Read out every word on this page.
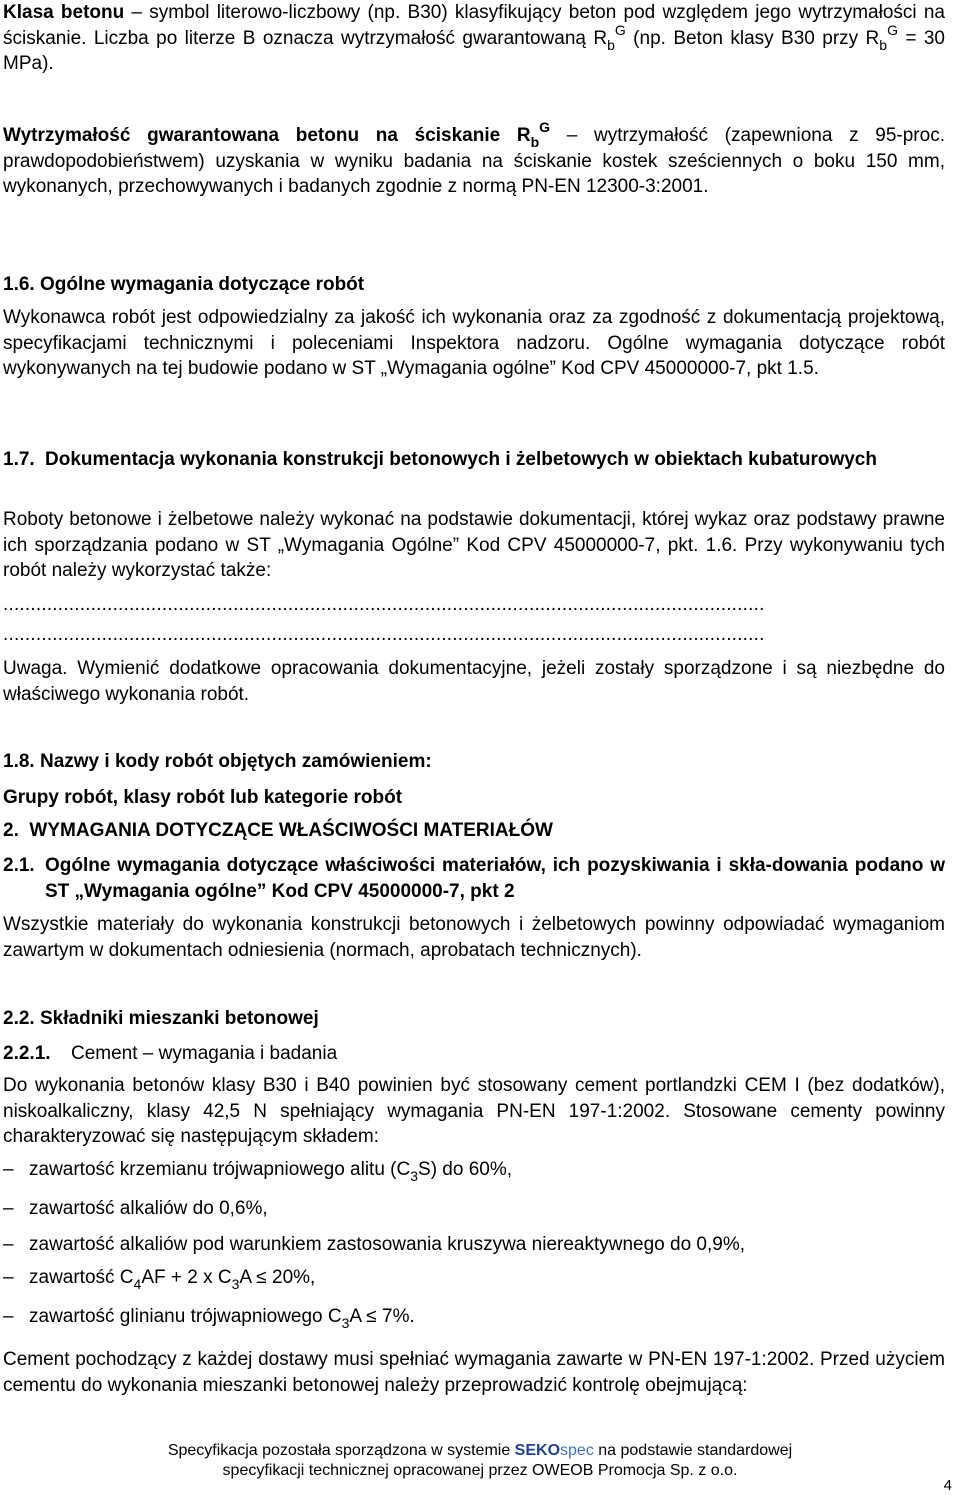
Klasa betonu – symbol literowo-liczbowy (np. B30) klasyfikujący beton pod względem jego wytrzymałości na ściskanie. Liczba po literze B oznacza wytrzymałość gwarantowaną $R_b^G$ (np. Beton klasy B30 przy $R_b^G = 30$ MPa).

Wytrzymałość gwarantowana betonu na ściskanie $R_b^G$ – wytrzymałość (zapewniona z 95-proc. prawdopodobieństwem) uzyskania w wyniku badania na ściskanie kostek sześciennych o boku 150 mm, wykonanych, przechowywanych i badanych zgodnie z normą PN-EN 12300-3:2001.

1.6. Ogólne wymagania dotyczące robót

Wykonawca robót jest odpowiedzialny za jakość ich wykonania oraz za zgodność z dokumentacją projektową, specyfikacjami technicznymi i poleceniami Inspektora nadzoru. Ogólne wymagania dotyczące robót wykonywanych na tej budowie podano w ST „Wymagania ogólne” Kod CPV 45000000-7, pkt 1.5.

1.7. Dokumentacja wykonania konstrukcji betonowych i żelbetowych w obiektach kubaturowych

Roboty betonowe i żelbetowe należy wykonać na podstawie dokumentacji, której wykaz oraz podstawy prawne ich sporządzania podano w ST „Wymagania Ogólne” Kod CPV 45000000-7, pkt. 1.6. Przy wykonywaniu tych robót należy wykorzystać także:

...........................................................................................................................................
...........................................................................................................................................

Uwaga. Wymienić dodatkowe opracowania dokumentacyjne, jeżeli zostały sporządzone i są niezbędne do właściwego wykonania robót.

1.8. Nazwy i kody robót objętych zamówieniem:

Grupy robót, klasy robót lub kategorie robót

2. WYMAGANIA DOTYCZĄCE WŁAŚCIWOŚCI MATERIAŁÓW

2.1. Ogólne wymagania dotyczące właściwości materiałów, ich pozyskiwania i skła-dowania podano w ST „Wymagania ogólne” Kod CPV 45000000-7, pkt 2

Wszystkie materiały do wykonania konstrukcji betonowych i żelbetowych powinny odpowiadać wymaganiom zawartym w dokumentach odniesienia (normach, aprobatach technicznych).

2.2. Składniki mieszanki betonowej

2.2.1. Cement – wymagania i badania

Do wykonania betonów klasy B30 i B40 powinien być stosowany cement portlandzki CEM I (bez dodatków), niskoalkaliczny, klasy 42,5 N spełniający wymagania PN-EN 197-1:2002. Stosowane cementy powinny charakteryzować się następującym składem:

– zawartość krzemianu trójwapniowego alitu $(C_3S)$ do 60%,

– zawartość alkaliów do 0,6%,

– zawartość alkaliów pod warunkiem zastosowania kruszywa niereaktywnego do 0,9%,

– zawartość $C_4AF + 2$ x $C_3A \le 20\%$,

– zawartość glinianu trójwapniowego $C_3A \le 7\%$.

Cement pochodzący z każdej dostawy musi spełniać wymagania zawarte w PN-EN 197-1:2002. Przed użyciem cementu do wykonania mieszanki betonowej należy przeprowadzić kontrolę obejmującą:

Specyfikacja pozostała sporządzona w systemie SEKOspec na podstawie standardowej
specyfikacji technicznej opracowanej przez OWEOB Promocja Sp. z o.o.
4
